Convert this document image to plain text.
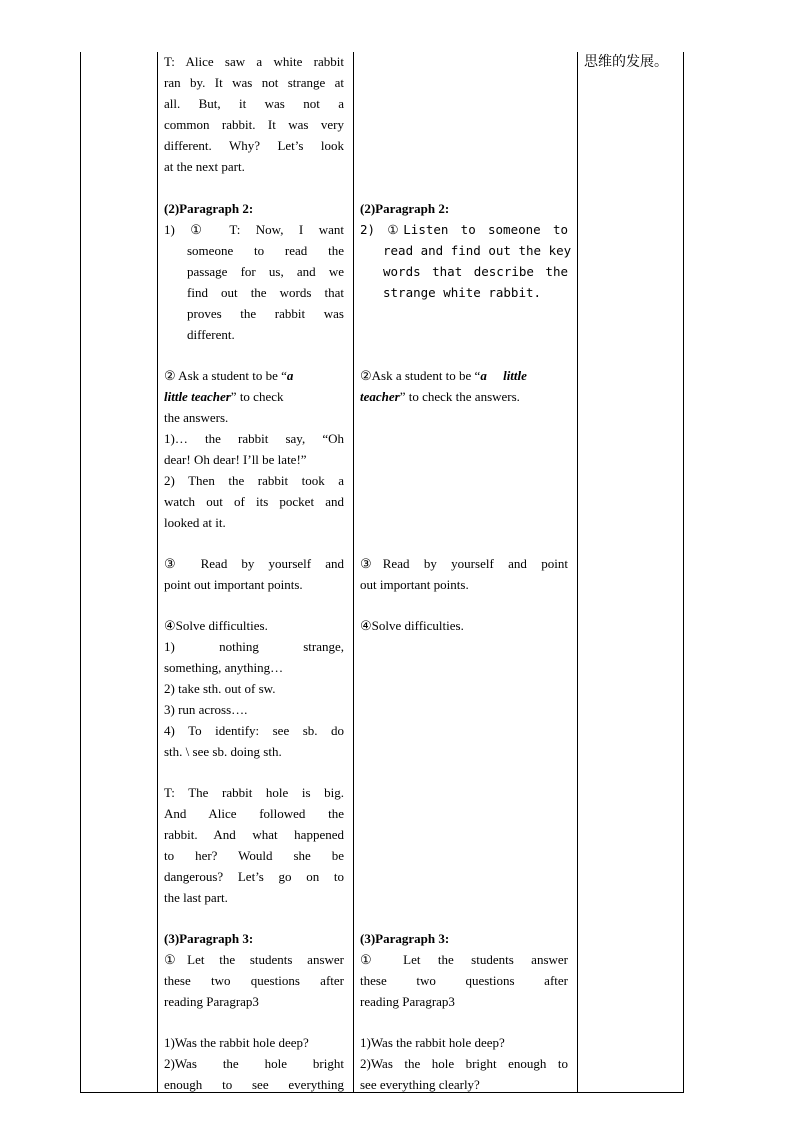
T: Alice saw a white rabbit
ran by. It was not strange at
all. But, it was not a
common rabbit. It was very
different. Why? Let’s look
at the next part.
(2)Paragraph 2:
1) ① T: Now, I want
someone to read the
passage for us, and we
find out the words that
proves the rabbit was
different.
② Ask a student to be “a
little teacher” to check
the answers.
1)… the rabbit say, “Oh
dear! Oh dear! I’ll be late!”
2) Then the rabbit took a
watch out of its pocket and
looked at it.
③ Read by yourself and
point out important points.
④Solve difficulties.
1) nothing strange,
something, anything…
2) take sth. out of sw.
3) run across….
4) To identify: see sb. do
sth. \ see sb. doing sth.
T: The rabbit hole is big.
And Alice followed the
rabbit. And what happened
to her? Would she be
dangerous? Let’s go on to
the last part.
(3)Paragraph 3:
①Let the students answer
these two questions after
reading Paragrap3
1)Was the rabbit hole deep?
2)Was the hole bright
enough to see everything
(2)Paragraph 2:
2) ①Listen to someone to
read and find out the key
words that describe the
strange white rabbit.
②Ask a student to be “a     little
teacher” to check the answers.
③Read by yourself and point
out important points.
④Solve difficulties.
(3)Paragraph 3:
① Let the students answer
these two questions after
reading Paragrap3
1)Was the rabbit hole deep?
2)Was the hole bright enough to
see everything clearly?
思维的发展。
